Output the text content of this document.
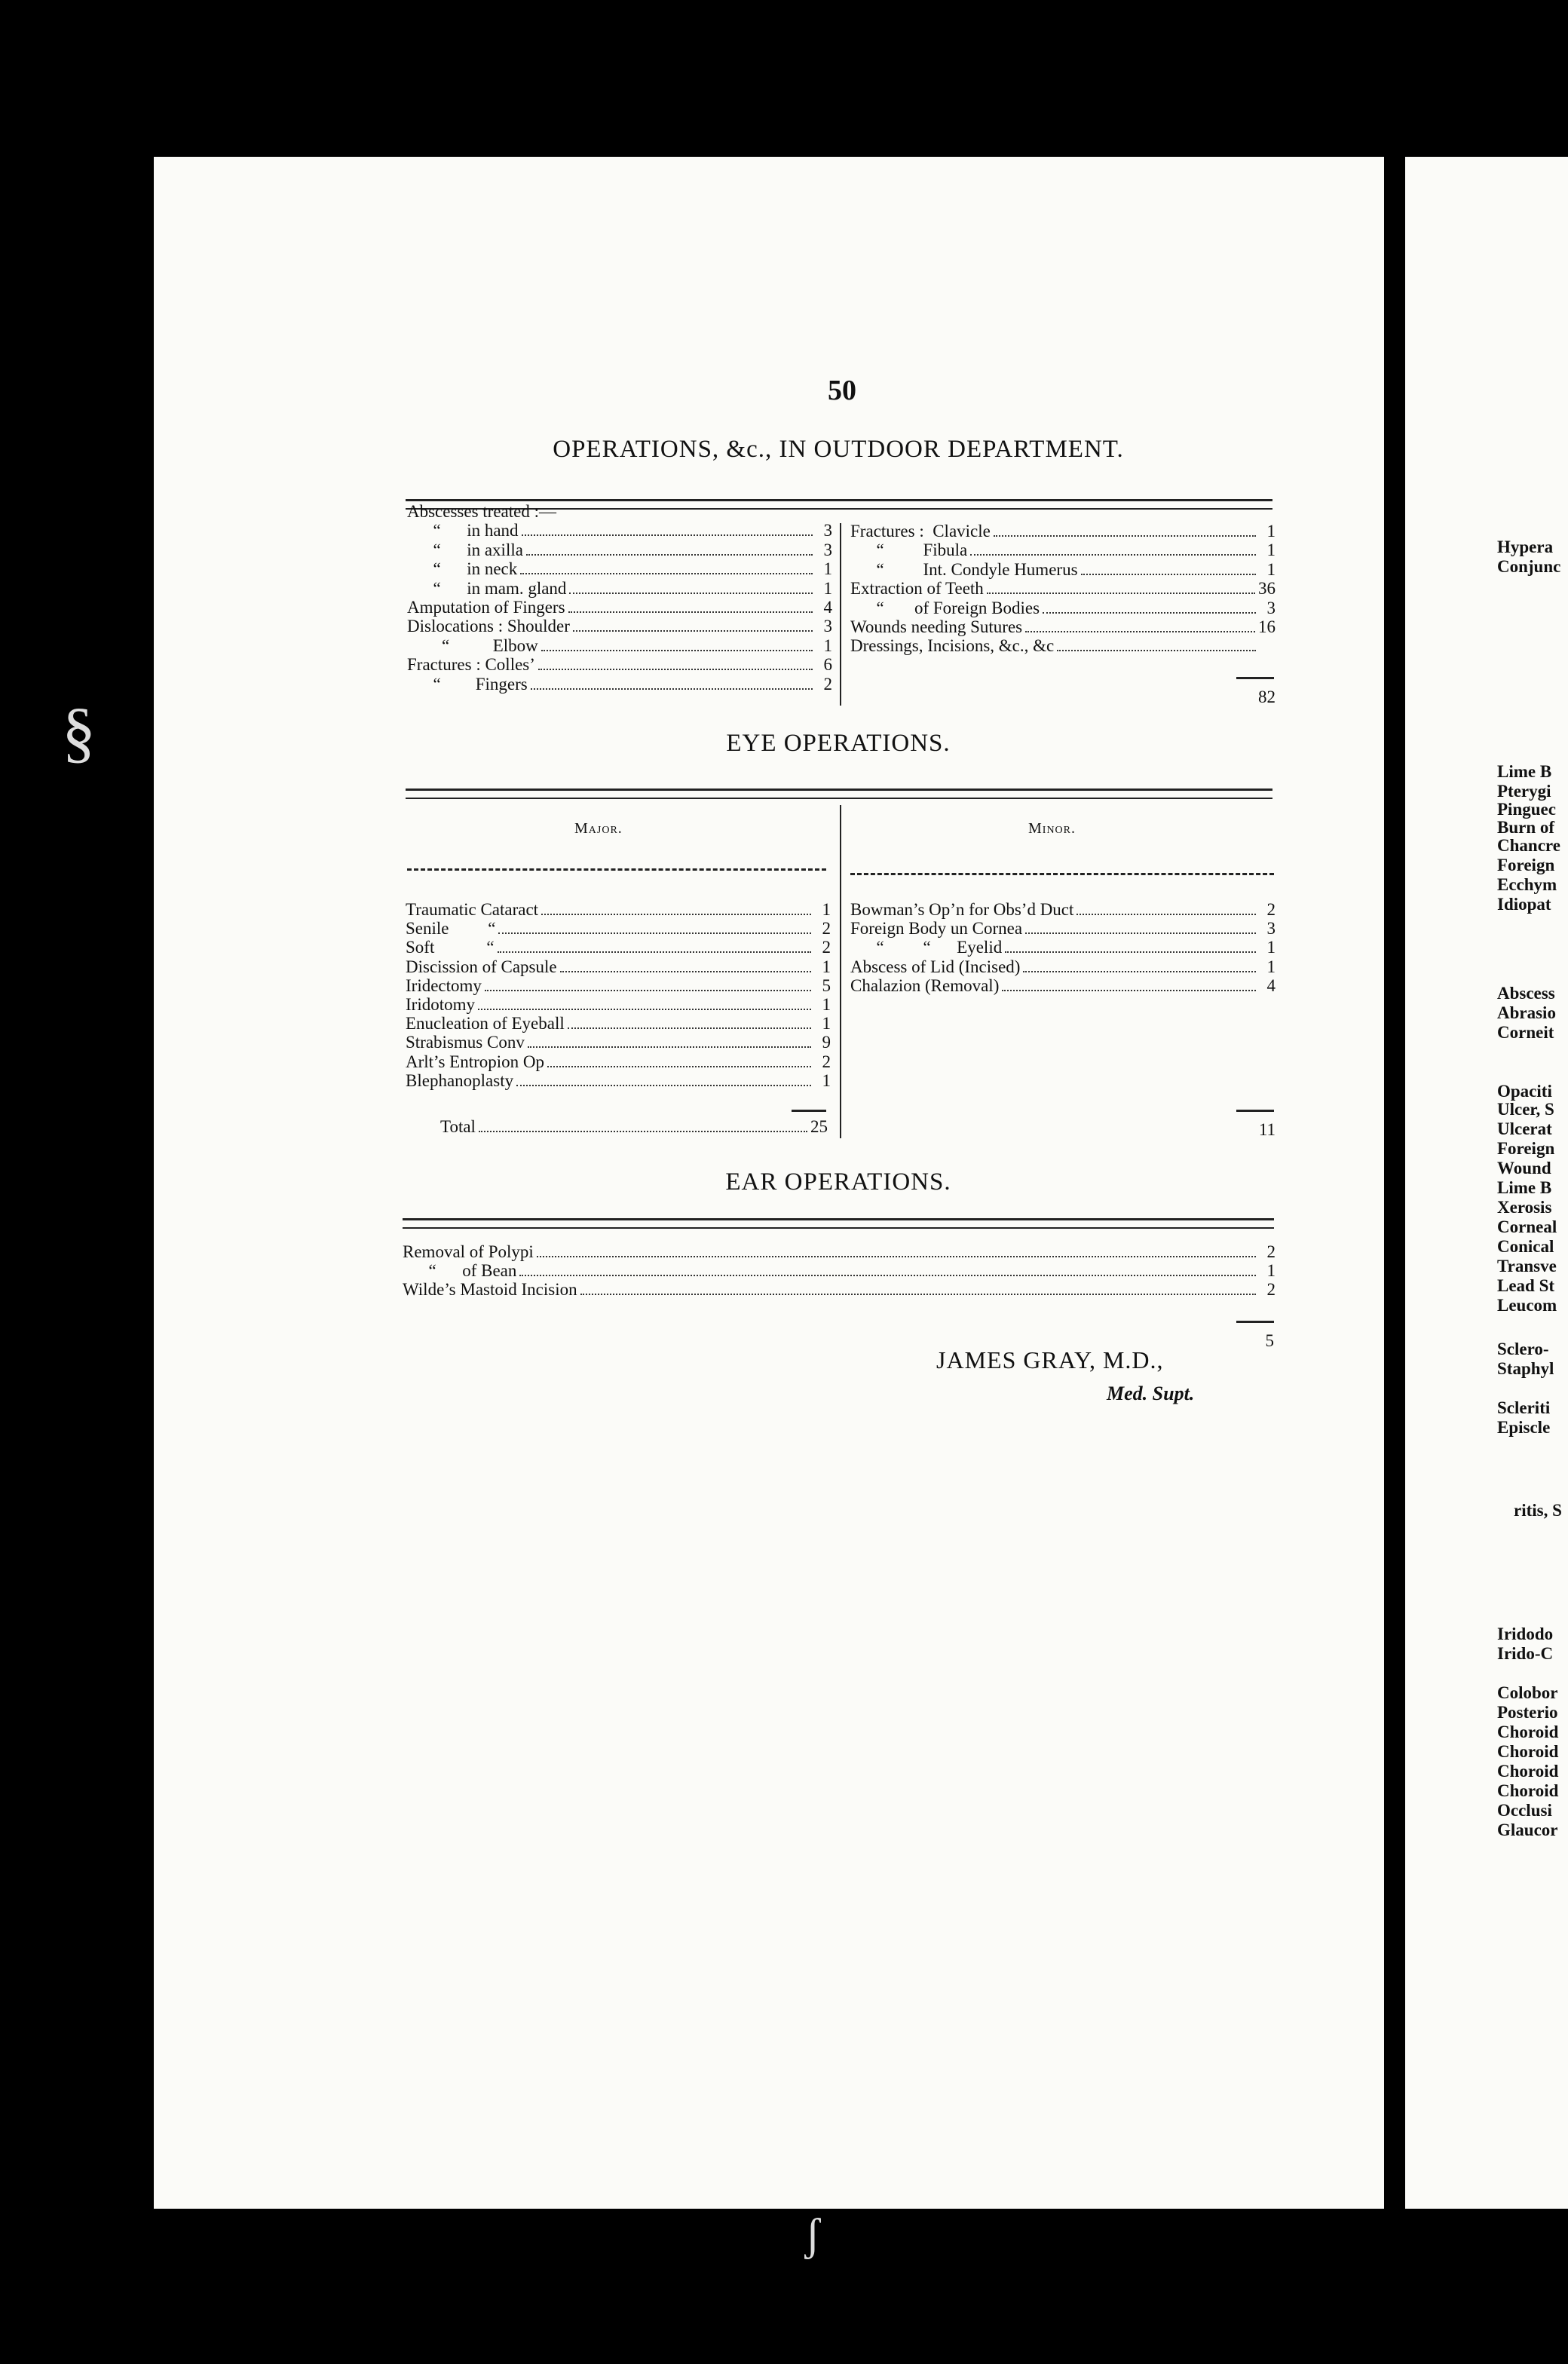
50
OPERATIONS, &c., IN OUTDOOR DEPARTMENT.
Abscesses treated :—
“      in hand	3
“      in axilla	3
“      in neck	1
“      in mam. gland	1
Amputation of Fingers	4
Dislocations : Shoulder	3
“          Elbow	1
Fractures : Colles’	6
“        Fingers	2
Fractures :  Clavicle	1
“         Fibula	1
“         Int. Condyle Humerus	1
Extraction of Teeth	36
“       of Foreign Bodies	3
Wounds needing Sutures	16
Dressings, Incisions, &c., &c
82
EYE OPERATIONS.
Major.	Minor.
Traumatic Cataract	1
Senile         “	2
Soft            “	2
Discission of Capsule	1
Iridectomy	5
Iridotomy	1
Enucleation of Eyeball	1
Strabismus Conv	9
Arlt’s Entropion Op	2
Blephanoplasty	1
Bowman’s Op’n for Obs’d Duct	2
Foreign Body un Cornea	3
“         “      Eyelid	1
Abscess of Lid (Incised)	1
Chalazion (Removal)	4
Total	25	11
EAR OPERATIONS.
Removal of Polypi	2
“      of Bean	1
Wilde’s Mastoid Incision	2
5
JAMES GRAY, M.D.,
Med. Supt.
Hypera
Conjunc
Lime B
Pterygi
Pinguec
Burn of
Chancre
Foreign
Ecchym
Idiopat
Abscess
Abrasio
Corneit
Opaciti
Ulcer, S
Ulcerat
Foreign
Wound
Lime B
Xerosis
Corneal
Conical
Transve
Lead St
Leucom
Sclero-
Staphyl
Scleriti
Episcle
ritis, S
Iridodo
Irido-C
Colobor
Posterio
Choroid
Choroid
Choroid
Choroid
Occlusi
Glaucor
§
ʃ
